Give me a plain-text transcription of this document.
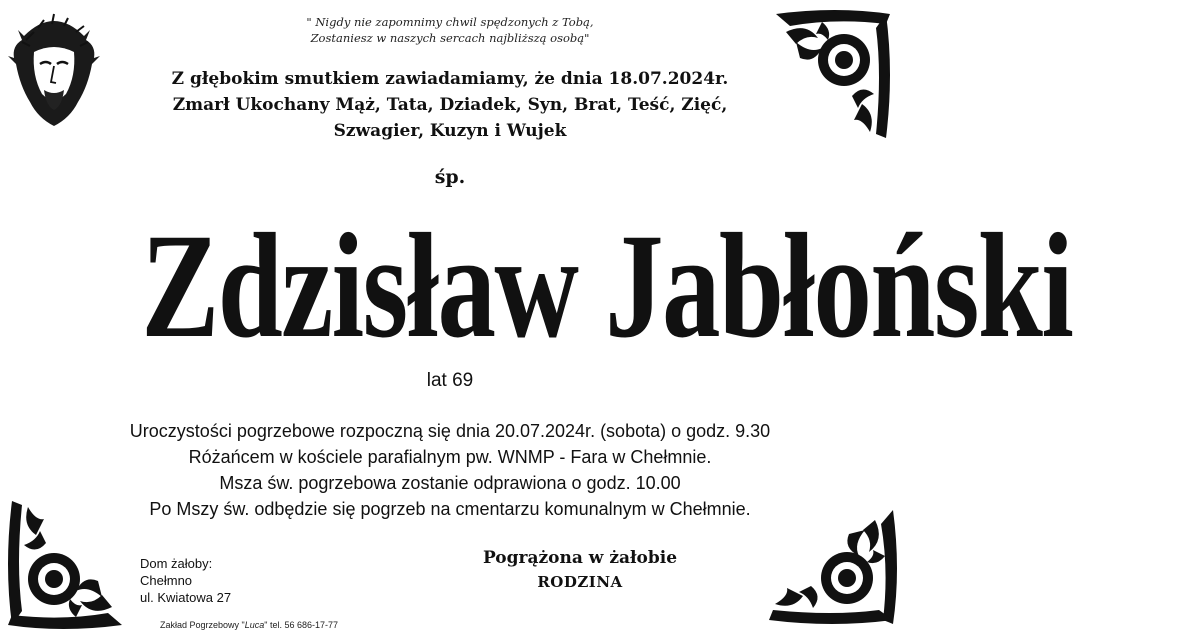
" Nigdy nie zapomnimy chwil spędzonych z Tobą,
Zostaniesz w naszych sercach najbliższą osobą"
Z głębokim smutkiem zawiadamiamy, że dnia 18.07.2024r.
Zmarł Ukochany Mąż, Tata, Dziadek, Syn, Brat, Teść, Zięć,
Szwagier, Kuzyn i Wujek
śp.
Zdzisław Jabłoński
lat 69
Uroczystości pogrzebowe rozpoczną się dnia 20.07.2024r. (sobota) o godz. 9.30
Różańcem w kościele parafialnym pw. WNMP - Fara w Chełmnie.
Msza św. pogrzebowa zostanie odprawiona o godz. 10.00
Po Mszy św. odbędzie się pogrzeb na cmentarzu komunalnym w Chełmnie.
Dom żałoby:
Chełmno
ul. Kwiatowa 27
Pogrążona w żałobie
RODZINA
Zakład Pogrzebowy "Luca" tel. 56 686-17-77
